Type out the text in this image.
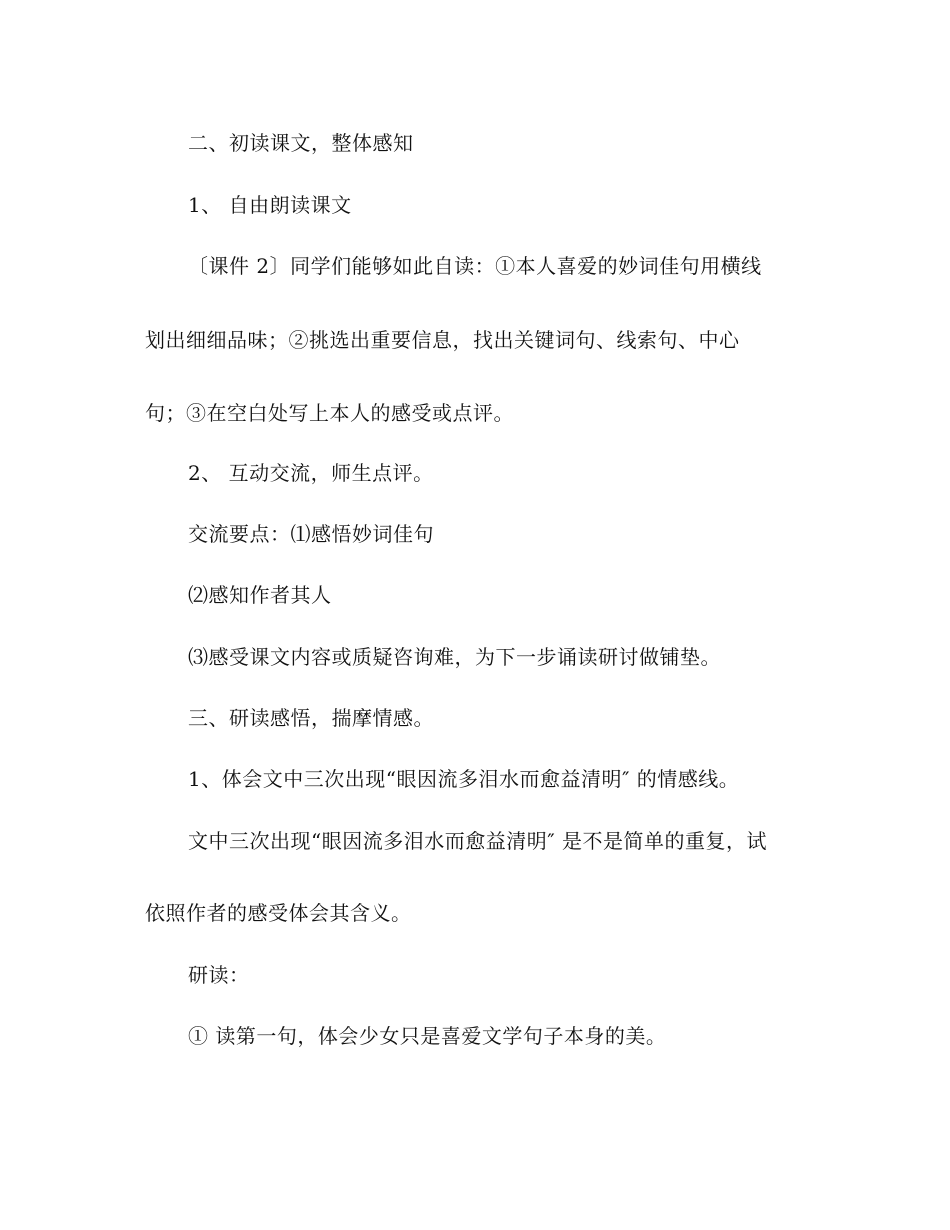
二、初读课文，整体感知
1、 自由朗读课文
〔课件 2〕同学们能够如此自读：①本人喜爱的妙词佳句用横线
划出细细品味；②挑选出重要信息，找出关键词句、线索句、中心
句；③在空白处写上本人的感受或点评。
2、 互动交流，师生点评。
交流要点：⑴感悟妙词佳句
⑵感知作者其人
⑶感受课文内容或质疑咨询难，为下一步诵读研讨做铺垫。
三、研读感悟，揣摩情感。
1、体会文中三次出现“眼因流多泪水而愈益清明″ 的情感线。
文中三次出现“眼因流多泪水而愈益清明″ 是不是简单的重复，试
依照作者的感受体会其含义。
研读：
① 读第一句，体会少女只是喜爱文学句子本身的美。
